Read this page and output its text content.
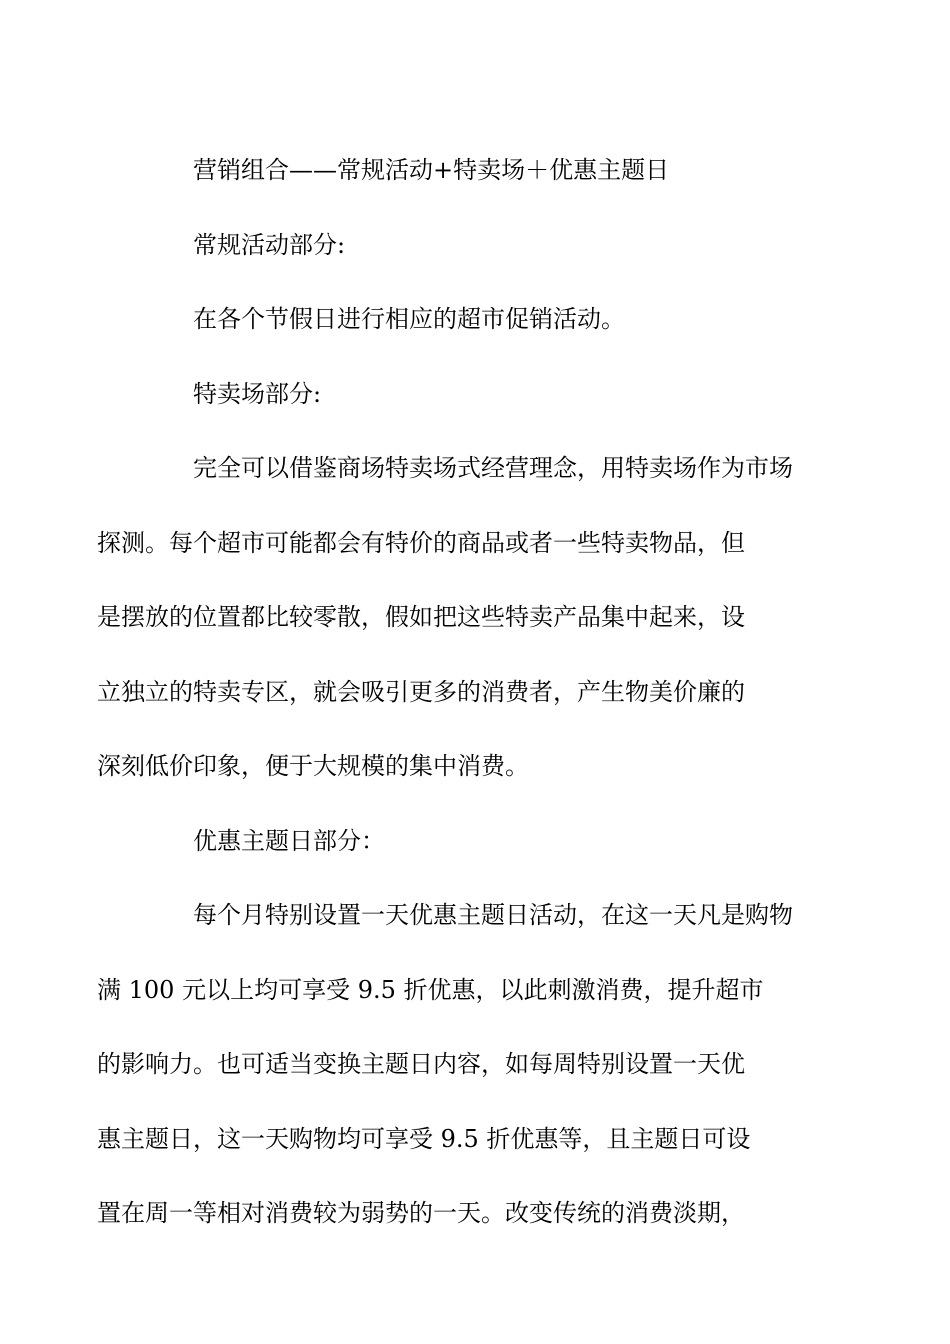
营销组合——常规活动+特卖场＋优惠主题日

常规活动部分:

在各个节假日进行相应的超市促销活动。

特卖场部分:

完全可以借鉴商场特卖场式经营理念，用特卖场作为市场
探测。每个超市可能都会有特价的商品或者一些特卖物品，但
是摆放的位置都比较零散，假如把这些特卖产品集中起来，设
立独立的特卖专区，就会吸引更多的消费者，产生物美价廉的
深刻低价印象，便于大规模的集中消费。

优惠主题日部分：

每个月特别设置一天优惠主题日活动，在这一天凡是购物
满 100 元以上均可享受 9.5 折优惠，以此刺激消费，提升超市
的影响力。也可适当变换主题日内容，如每周特别设置一天优
惠主题日，这一天购物均可享受 9.5 折优惠等，且主题日可设
置在周一等相对消费较为弱势的一天。改变传统的消费淡期，
